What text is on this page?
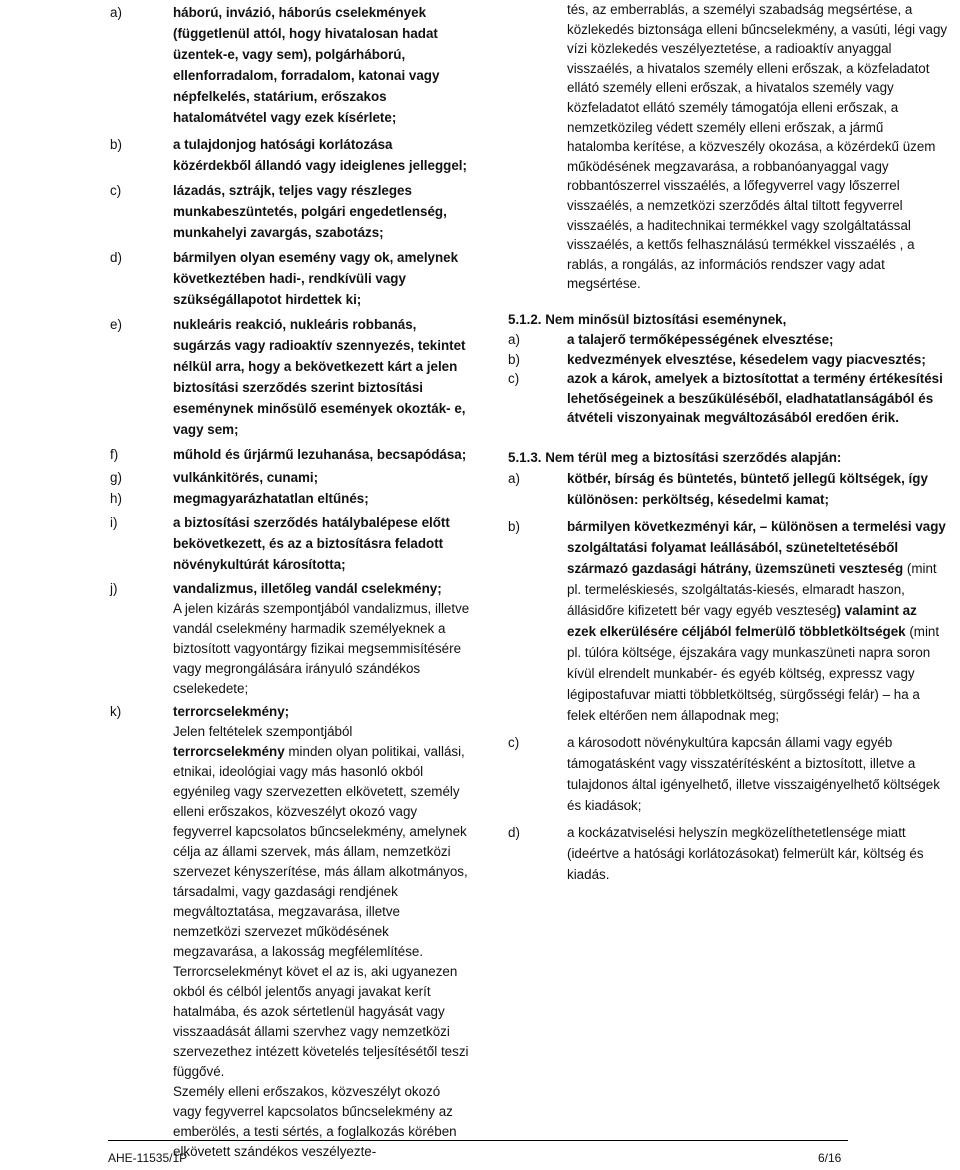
a)	háború, invázió, háborús cselekmények (függetlenül attól, hogy hivatalosan hadat üzentek-e, vagy sem), polgárháború, ellenforradalom, forradalom, katonai vagy népfelkelés, statárium, erőszakos hatalomátvétel vagy ezek kísérlete;
b)	a tulajdonjog hatósági korlátozása közérdekből állandó vagy ideiglenes jelleggel;
c)	lázadás, sztrájk, teljes vagy részleges munkabeszüntetés, polgári engedetlenség, munkahelyi zavargás, szabotázs;
d)	bármilyen olyan esemény vagy ok, amelynek következtében hadi-, rendkívüli vagy szükségállapotot hirdettek ki;
e)	nukleáris reakció, nukleáris robbanás, sugárzás vagy radioaktív szennyezés, tekintet nélkül arra, hogy a bekövetkezett kárt a jelen biztosítási szerződés szerint biztosítási eseménynek minősülő események okozták- e, vagy sem;
f)	műhold és űrjármű lezuhanása, becsapódása;
g)	vulkánkitörés, cunami;
h)	megmagyarázhatatlan eltűnés;
i)	a biztosítási szerződés hatálybalépese előtt bekövetkezett, és az a biztosításra feladott növénykultúrát károsította;
j)	vandalizmus, illetőleg vandál cselekmény;
A jelen kizárás szempontjából vandalizmus, illetve vandál cselekmény harmadik személyeknek a biztosított vagyontárgy fizikai megsemmisítésére vagy megrongálására irányuló szándékos cselekedete;
k)	terrorcselekmény;
Jelen feltételek szempontjából
terrorcselekmény minden olyan politikai, vallási, etnikai, ideológiai vagy más hasonló okból egyénileg vagy szervezetten elkövetett, személy elleni erőszakos, közveszélyt okozó vagy fegyverrel kapcsolatos bűncselekmény, amelynek célja az állami szervek, más állam, nemzetközi szervezet kényszerítése, más állam alkotmányos, társadalmi, vagy gazdasági rendjének megváltoztatása, megzavarása, illetve nemzetközi szervezet működésének megzavarása, a lakosság megfélemlítése.
Terrorcselekményt követ el az is, aki ugyanezen okból és célból jelentős anyagi javakat kerít hatalmába, és azok sértetlenül hagyását vagy visszaadását állami szervhez vagy nemzetközi szervezethez intézett követelés teljesítésétől teszi függővé.
Személy elleni erőszakos, közveszélyt okozó vagy fegyverrel kapcsolatos bűncselekmény az emberölés, a testi sértés, a foglalkozás körében elkövetett szándékos veszélyezte-
tés, az emberrablás, a személyi szabadság megsértése, a közlekedés biztonsága elleni bűncselekmény, a vasúti, légi vagy vízi közlekedés veszélyeztetése, a radioaktív anyaggal visszaélés, a hivatalos személy elleni erőszak, a közfeladatot ellátó személy elleni erőszak, a hivatalos személy vagy közfeladatot ellátó személy támogatója elleni erőszak, a nemzetközileg védett személy elleni erőszak, a jármű hatalomba kerítése, a közveszély okozása, a közérdekű üzem működésének megzavarása, a robbanóanyaggal vagy robbantószerrel visszaélés, a lőfegyverrel vagy lőszerrel visszaélés, a nemzetközi szerződés által tiltott fegyverrel visszaélés, a haditechnikai termékkel vagy szolgáltatással visszaélés, a kettős felhasználású termékkel visszaélés , a rablás, a rongálás, az információs rendszer vagy adat megsértése.
5.1.2. Nem minősül biztosítási eseménynek,
a)	a talajerő termőképességének elvesztése;
b)	kedvezmények elvesztése, késedelem vagy piacvesztés;
c)	azok a károk, amelyek a biztosítottat a termény értékesítési lehetőségeinek a beszűküléséből, eladhatatlanságából és átvételi viszonyainak megváltozásából eredően érik.
5.1.3. Nem térül meg a biztosítási szerződés alapján:
a)	kötbér, bírság és büntetés, büntető jellegű költségek, így különösen: perköltség, késedelmi kamat;
b)	bármilyen következményi kár, – különösen a termelési vagy szolgáltatási folyamat leállásából, szüneteltetéséből származó gazdasági hátrány, üzemszüneti veszteség (mint pl. termeléskiesés, szolgáltatás-kiesés, elmaradt haszon, állásidőre kifizetett bér vagy egyéb veszteség) valamint az ezek elkerülésére céljából felmerülő többletköltségek (mint pl. túlóra költsége, éjszakára vagy munkaszüneti napra soron kívül elrendelt munkabér- és egyéb költség, expressz vagy légipostafuvar miatti többletköltség, sürgősségi felár) – ha a felek eltérően nem állapodnak meg;
c)	a károsodott növénykultúra kapcsán állami vagy egyéb támogatásként vagy visszatérítésként a biztosított, illetve a tulajdonos által igényelhető, illetve visszaigényelhető költségek és kiadások;
d)	a kockázatviselési helyszín megközelíthetetlensége miatt (ideértve a hatósági korlátozásokat) felmerült kár, költség és kiadás.
AHE-11535/1P	6/16
